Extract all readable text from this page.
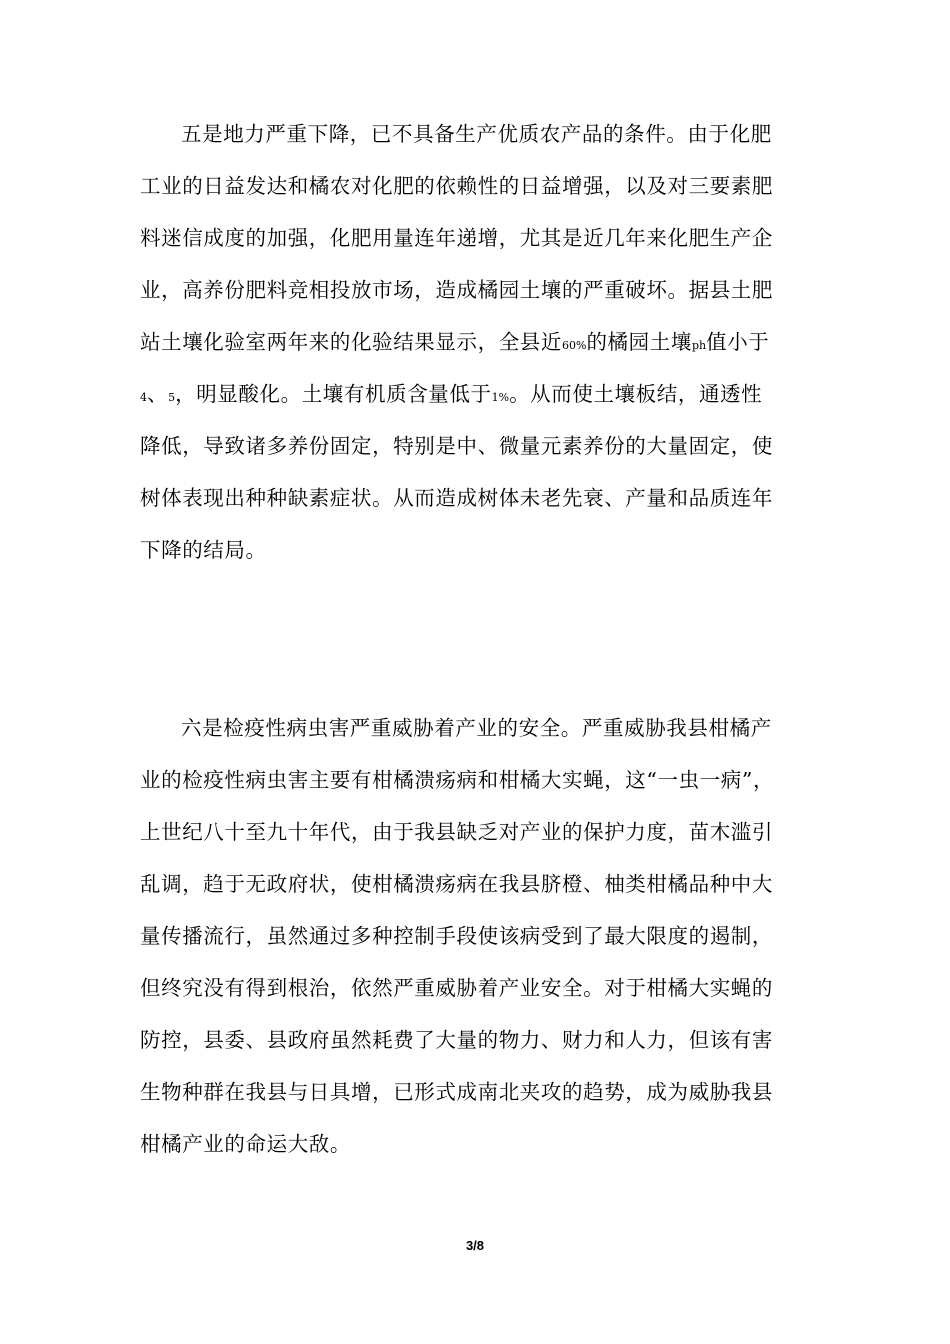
五是地力严重下降，已不具备生产优质农产品的条件。由于化肥
工业的日益发达和橘农对化肥的依赖性的日益增强，以及对三要素肥
料迷信成度的加强，化肥用量连年递增，尤其是近几年来化肥生产企
业，高养份肥料竞相投放市场，造成橘园土壤的严重破坏。据县土肥
站土壤化验室两年来的化验结果显示，全县近60%的橘园土壤ph值小于
4、5，明显酸化。土壤有机质含量低于1%。从而使土壤板结，通透性
降低，导致诸多养份固定，特别是中、微量元素养份的大量固定，使
树体表现出种种缺素症状。从而造成树体未老先衰、产量和品质连年
下降的结局。
六是检疫性病虫害严重威胁着产业的安全。严重威胁我县柑橘产
业的检疫性病虫害主要有柑橘溃疡病和柑橘大实蝇，这“一虫一病”，
上世纪八十至九十年代，由于我县缺乏对产业的保护力度，苗木滥引
乱调，趋于无政府状，使柑橘溃疡病在我县脐橙、柚类柑橘品种中大
量传播流行，虽然通过多种控制手段使该病受到了最大限度的遏制，
但终究没有得到根治，依然严重威胁着产业安全。对于柑橘大实蝇的
防控，县委、县政府虽然耗费了大量的物力、财力和人力，但该有害
生物种群在我县与日具增，已形式成南北夹攻的趋势，成为威胁我县
柑橘产业的命运大敌。
3/8
